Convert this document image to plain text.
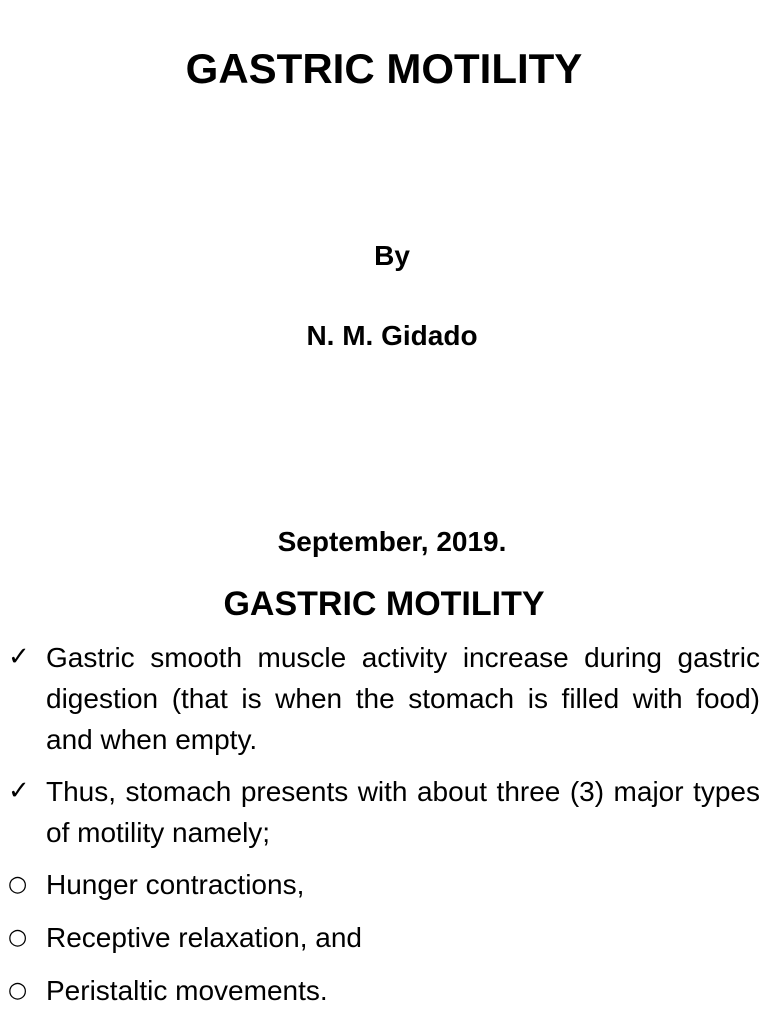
GASTRIC MOTILITY
By
N. M. Gidado
September, 2019.
GASTRIC MOTILITY
✓ Gastric smooth muscle activity increase during gastric digestion (that is when the stomach is filled with food) and when empty.
✓ Thus, stomach presents with about three (3) major types of motility namely;
○ Hunger contractions,
○ Receptive relaxation, and
○ Peristaltic movements.
